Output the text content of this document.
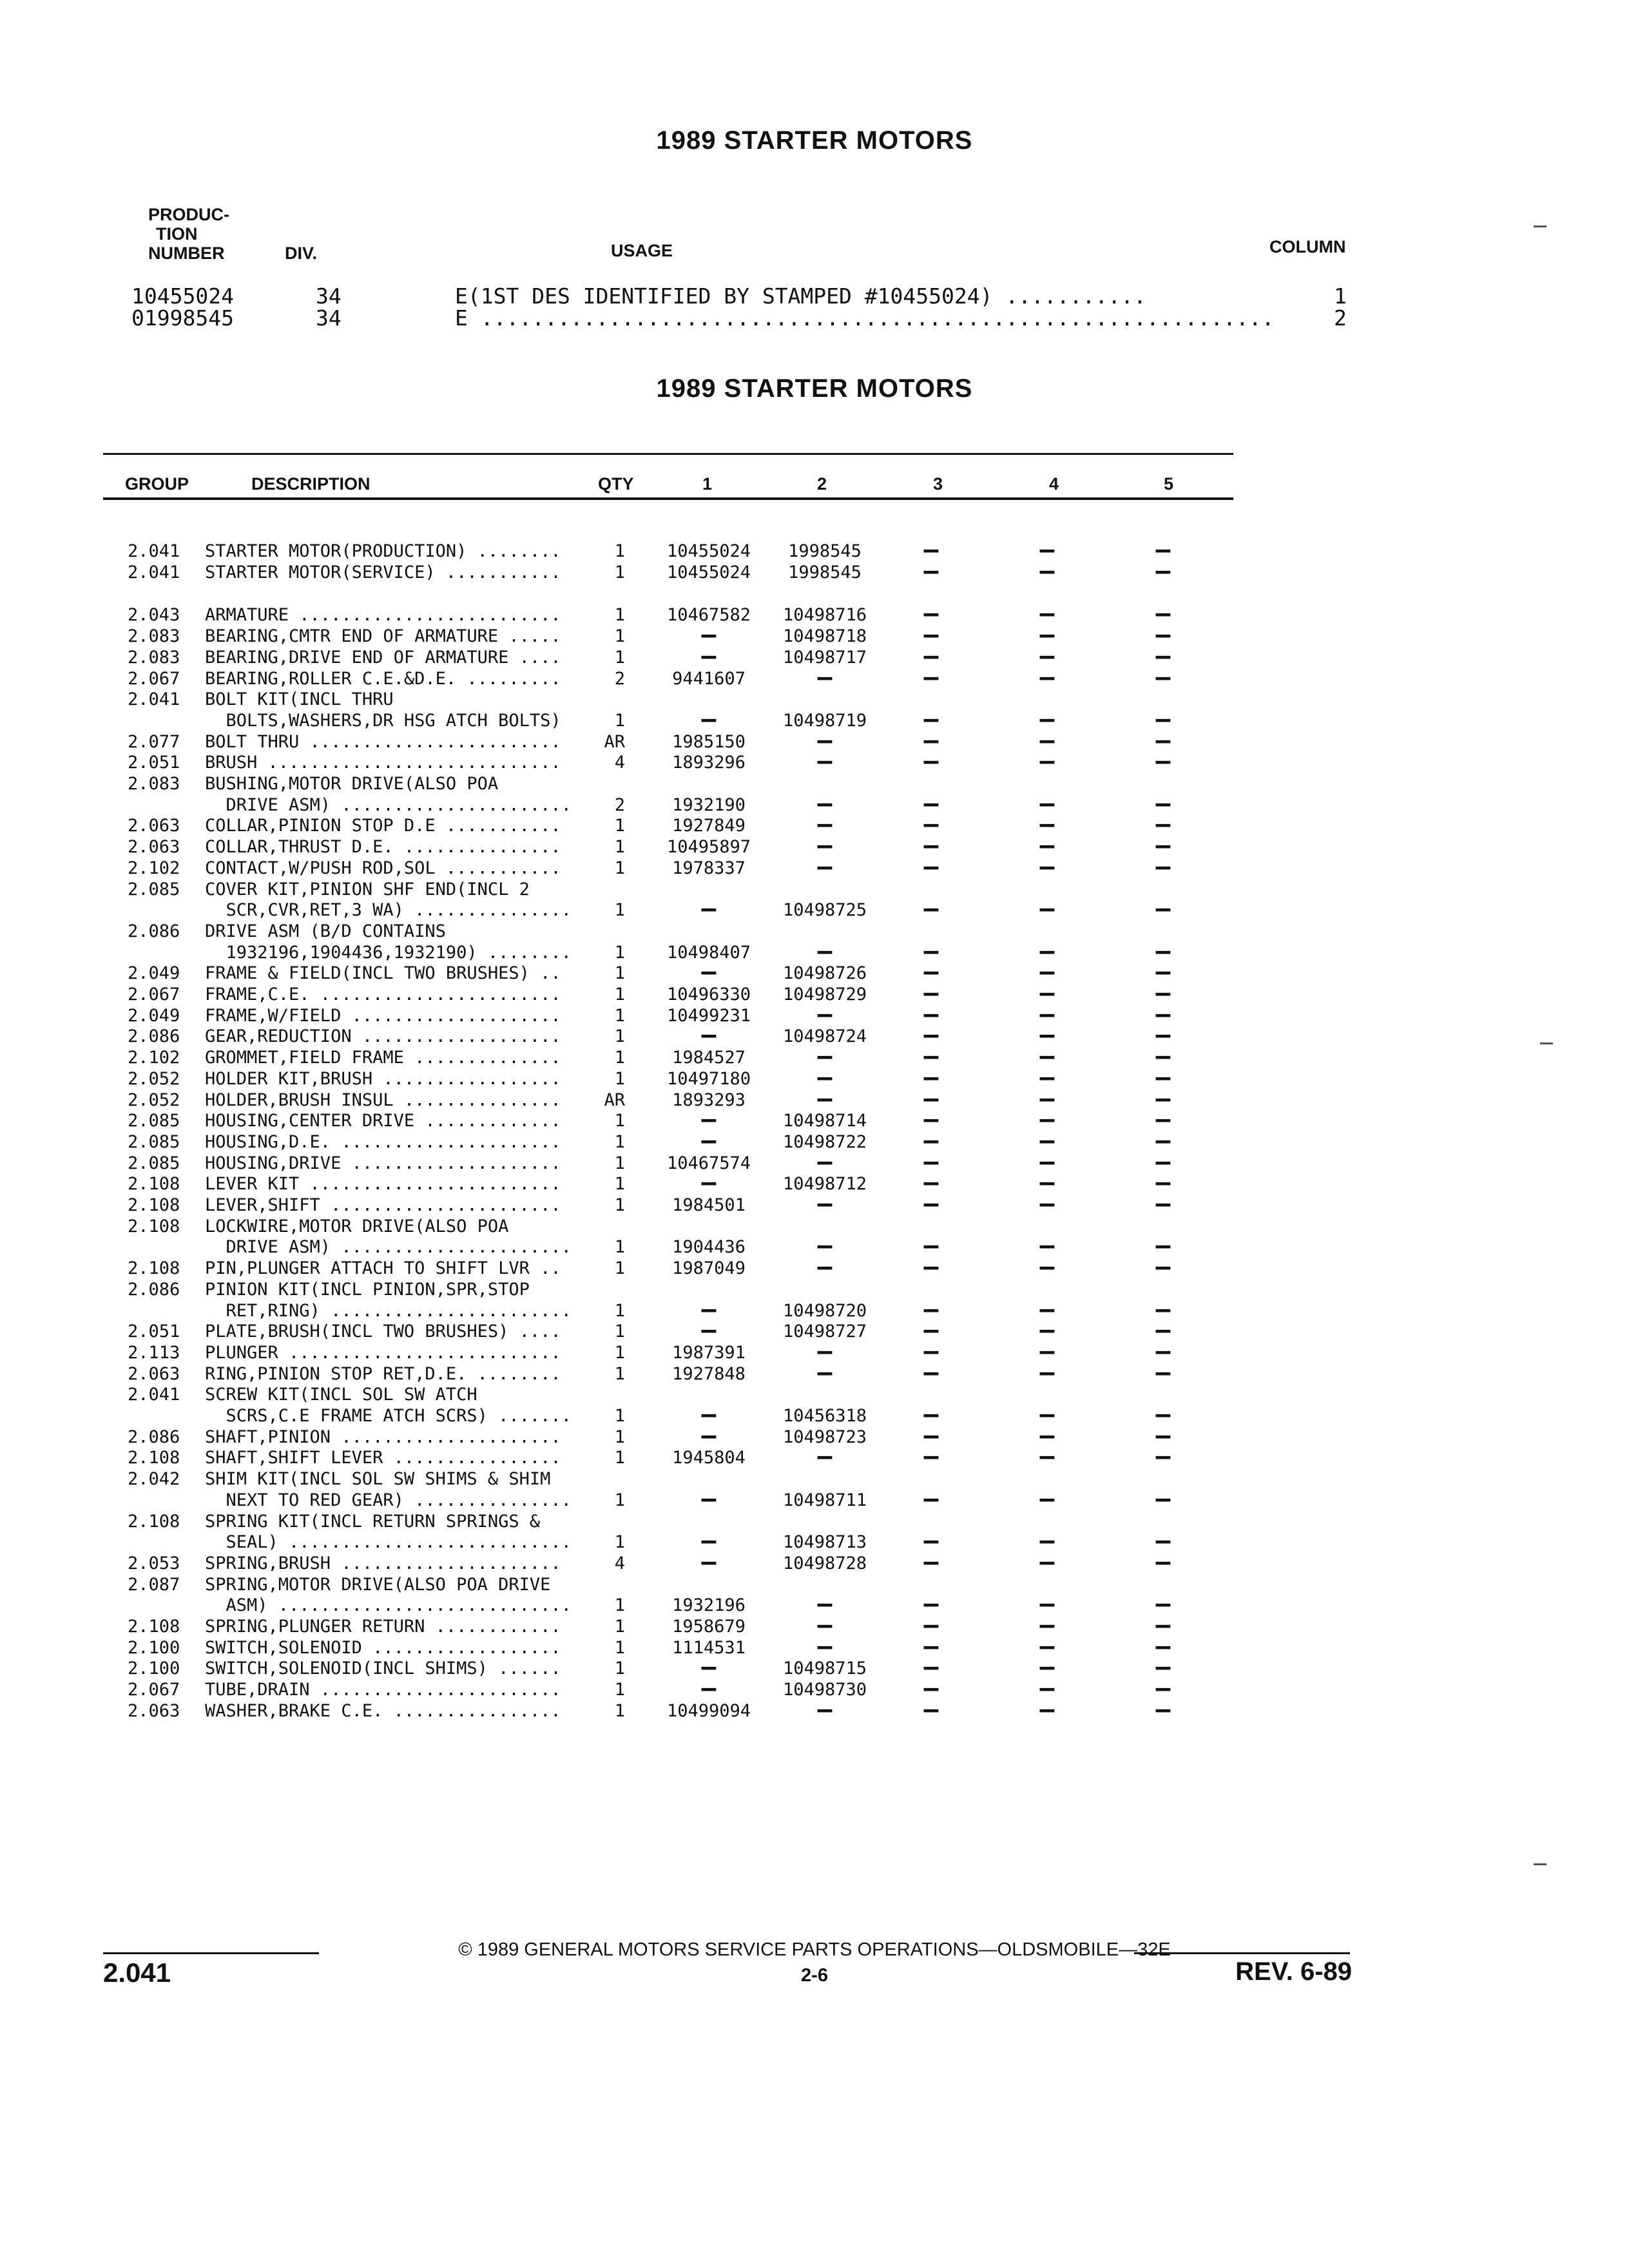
1989 STARTER MOTORS
PRODUC-
TION
NUMBER	DIV.	USAGE	COLUMN
10455024	34	E(1ST DES IDENTIFIED BY STAMPED #10455024) ...........	1
01998545	34	E ..............................................................	2
1989 STARTER MOTORS
GROUP	DESCRIPTION	QTY	1	2	3	4	5
2.041 STARTER MOTOR(PRODUCTION) ........	1	10455024	1998545	—	—	—
2.041 STARTER MOTOR(SERVICE) ...........	1	10455024	1998545	—	—	—
2.043 ARMATURE .........................	1	10467582	10498716	—	—	—
2.083 BEARING,CMTR END OF ARMATURE .....	1	—	10498718	—	—	—
2.083 BEARING,DRIVE END OF ARMATURE ....	1	—	10498717	—	—	—
2.067 BEARING,ROLLER C.E.&D.E. .........	2	9441607	—	—	—	—
2.041 BOLT KIT(INCL THRU
BOLTS,WASHERS,DR HSG ATCH BOLTS)	1	—	10498719	—	—	—
2.077 BOLT THRU ........................ AR	1985150	—	—	—	—
2.051 BRUSH ............................	4	1893296	—	—	—	—
2.083 BUSHING,MOTOR DRIVE(ALSO POA
DRIVE ASM) ......................	2	1932190	—	—	—	—
2.063 COLLAR,PINION STOP D.E ...........	1	1927849	—	—	—	—
2.063 COLLAR,THRUST D.E. ...............	1	10495897	—	—	—	—
2.102 CONTACT,W/PUSH ROD,SOL ...........	1	1978337	—	—	—	—
2.085 COVER KIT,PINION SHF END(INCL 2
SCR,CVR,RET,3 WA) ...............	1	—	10498725	—	—	—
2.086 DRIVE ASM (B/D CONTAINS
1932196,1904436,1932190) ........	1	10498407	—	—	—	—
2.049 FRAME & FIELD(INCL TWO BRUSHES) ..	1	—	10498726	—	—	—
2.067 FRAME,C.E. .......................	1	10496330	10498729	—	—	—
2.049 FRAME,W/FIELD ....................	1	10499231	—	—	—	—
2.086 GEAR,REDUCTION ...................	1	—	10498724	—	—	—
2.102 GROMMET,FIELD FRAME ..............	1	1984527	—	—	—	—
2.052 HOLDER KIT,BRUSH .................	1	10497180	—	—	—	—
2.052 HOLDER,BRUSH INSUL ............... AR	1893293	—	—	—	—
2.085 HOUSING,CENTER DRIVE .............	1	—	10498714	—	—	—
2.085 HOUSING,D.E. .....................	1	—	10498722	—	—	—
2.085 HOUSING,DRIVE ....................	1	10467574	—	—	—	—
2.108 LEVER KIT ........................	1	—	10498712	—	—	—
2.108 LEVER,SHIFT ......................	1	1984501	—	—	—	—
2.108 LOCKWIRE,MOTOR DRIVE(ALSO POA
DRIVE ASM) ......................	1	1904436	—	—	—	—
2.108 PIN,PLUNGER ATTACH TO SHIFT LVR ..	1	1987049	—	—	—	—
2.086 PINION KIT(INCL PINION,SPR,STOP
RET,RING) .......................	1	—	10498720	—	—	—
2.051 PLATE,BRUSH(INCL TWO BRUSHES) ....	1	—	10498727	—	—	—
2.113 PLUNGER ..........................	1	1987391	—	—	—	—
2.063 RING,PINION STOP RET,D.E. ........	1	1927848	—	—	—	—
2.041 SCREW KIT(INCL SOL SW ATCH
SCRS,C.E FRAME ATCH SCRS) .......	1	—	10456318	—	—	—
2.086 SHAFT,PINION .....................	1	—	10498723	—	—	—
2.108 SHAFT,SHIFT LEVER ................	1	1945804	—	—	—	—
2.042 SHIM KIT(INCL SOL SW SHIMS & SHIM
NEXT TO RED GEAR) ...............	1	—	10498711	—	—	—
2.108 SPRING KIT(INCL RETURN SPRINGS &
SEAL) ...........................	1	—	10498713	—	—	—
2.053 SPRING,BRUSH .....................	4	—	10498728	—	—	—
2.087 SPRING,MOTOR DRIVE(ALSO POA DRIVE
ASM) ............................	1	1932196	—	—	—	—
2.108 SPRING,PLUNGER RETURN ............	1	1958679	—	—	—	—
2.100 SWITCH,SOLENOID ..................	1	1114531	—	—	—	—
2.100 SWITCH,SOLENOID(INCL SHIMS) ......	1	—	10498715	—	—	—
2.067 TUBE,DRAIN .......................	1	—	10498730	—	—	—
2.063 WASHER,BRAKE C.E. ................	1	10499094	—	—	—	—
© 1989 GENERAL MOTORS SERVICE PARTS OPERATIONS—OLDSMOBILE—32E
2-6
2.041	REV. 6-89
